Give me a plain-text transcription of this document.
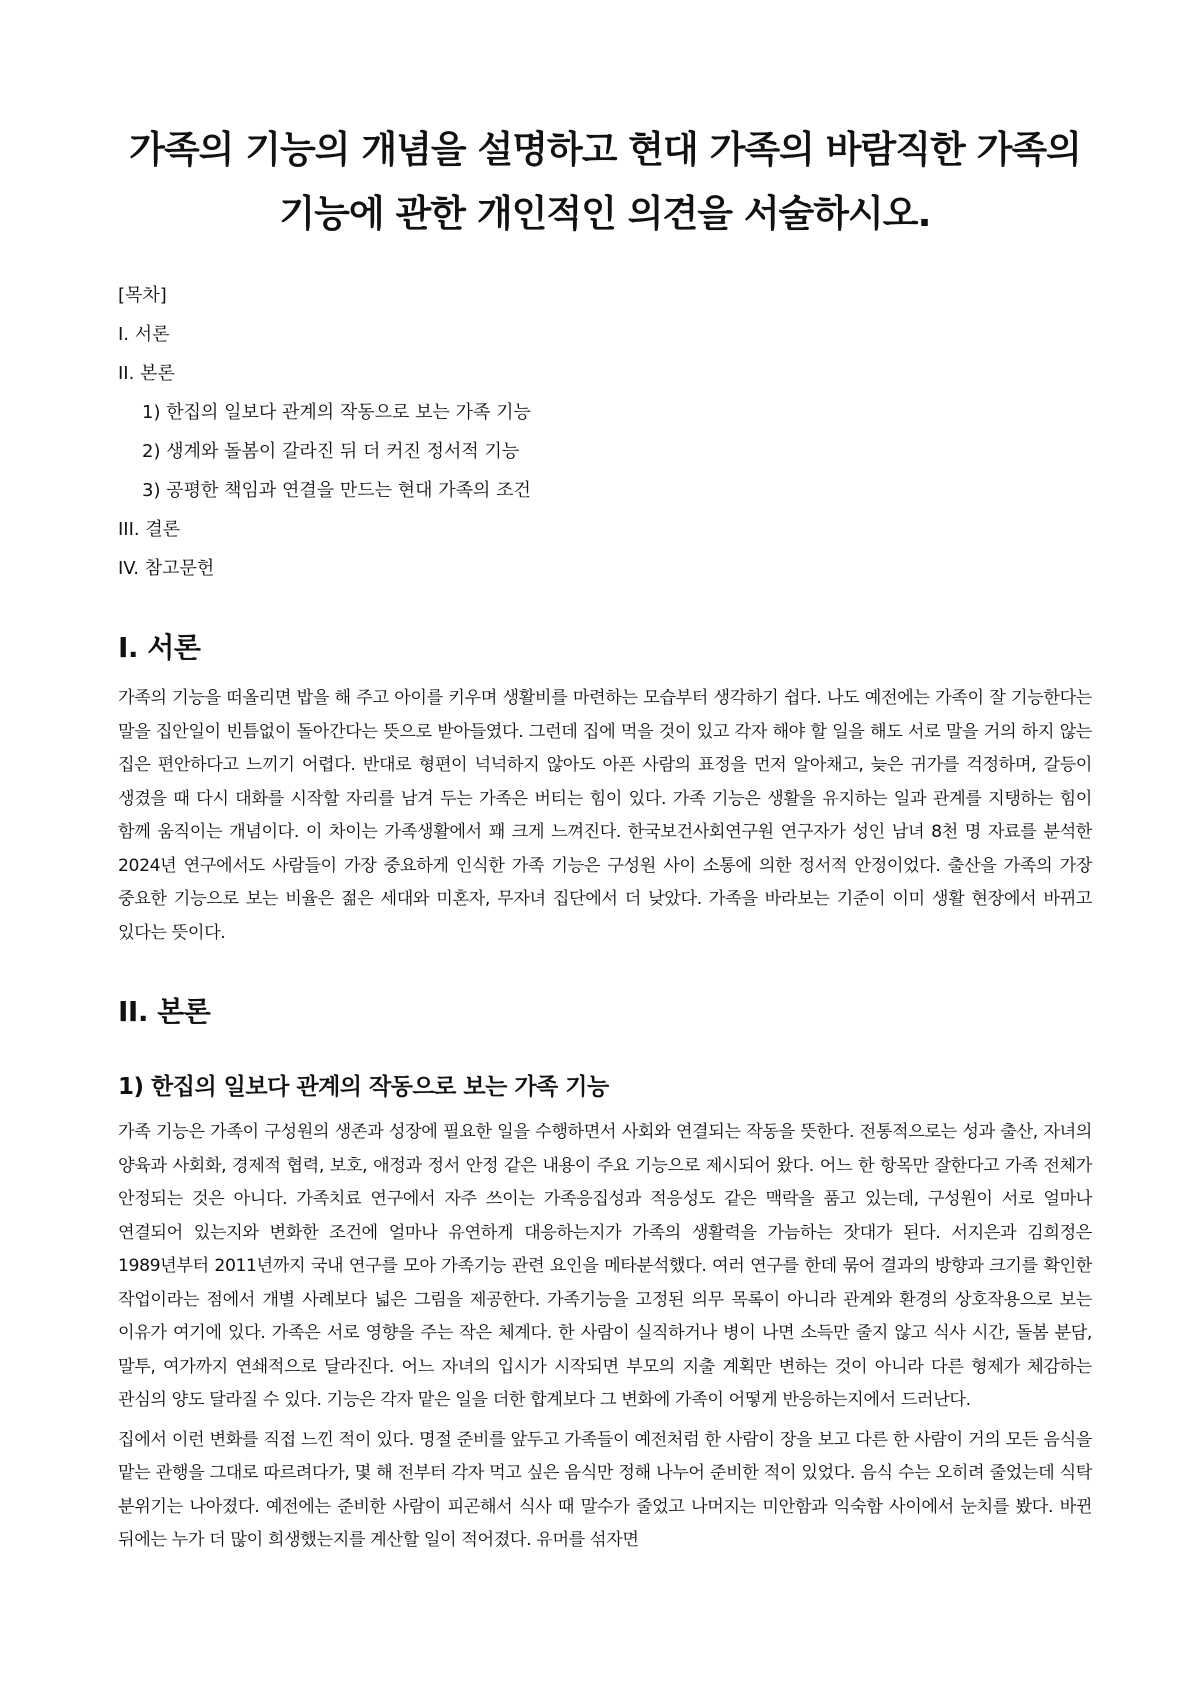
가족의 기능의 개념을 설명하고 현대 가족의 바람직한 가족의
기능에 관한 개인적인 의견을 서술하시오.
[목차]
I. 서론
II. 본론
1) 한집의 일보다 관계의 작동으로 보는 가족 기능
2) 생계와 돌봄이 갈라진 뒤 더 커진 정서적 기능
3) 공평한 책임과 연결을 만드는 현대 가족의 조건
III. 결론
IV. 참고문헌
I. 서론

가족의 기능을 떠올리면 밥을 해 주고 아이를 키우며 생활비를 마련하는 모습부터 생각하기 쉽다. 나도 예전에는 가족이 잘 기능한다는 말을 집안일이 빈틈없이 돌아간다는 뜻으로 받아들였다. 그런데 집에 먹을 것이 있고 각자 해야 할 일을 해도 서로 말을 거의 하지 않는 집은 편안하다고 느끼기 어렵다. 반대로 형편이 넉넉하지 않아도 아픈 사람의 표정을 먼저 알아채고, 늦은 귀가를 걱정하며, 갈등이 생겼을 때 다시 대화를 시작할 자리를 남겨 두는 가족은 버티는 힘이 있다. 가족 기능은 생활을 유지하는 일과 관계를 지탱하는 힘이 함께 움직이는 개념이다. 이 차이는 가족생활에서 꽤 크게 느껴진다. 한국보건사회연구원 연구자가 성인 남녀 8천 명 자료를 분석한 2024년 연구에서도 사람들이 가장 중요하게 인식한 가족 기능은 구성원 사이 소통에 의한 정서적 안정이었다. 출산을 가족의 가장 중요한 기능으로 보는 비율은 젊은 세대와 미혼자, 무자녀 집단에서 더 낮았다. 가족을 바라보는 기준이 이미 생활 현장에서 바뀌고 있다는 뜻이다.

II. 본론
1) 한집의 일보다 관계의 작동으로 보는 가족 기능

가족 기능은 가족이 구성원의 생존과 성장에 필요한 일을 수행하면서 사회와 연결되는 작동을 뜻한다. 전통적으로는 성과 출산, 자녀의 양육과 사회화, 경제적 협력, 보호, 애정과 정서 안정 같은 내용이 주요 기능으로 제시되어 왔다. 어느 한 항목만 잘한다고 가족 전체가 안정되는 것은 아니다. 가족치료 연구에서 자주 쓰이는 가족응집성과 적응성도 같은 맥락을 품고 있는데, 구성원이 서로 얼마나 연결되어 있는지와 변화한 조건에 얼마나 유연하게 대응하는지가 가족의 생활력을 가늠하는 잣대가 된다. 서지은과 김희정은 1989년부터 2011년까지 국내 연구를 모아 가족기능 관련 요인을 메타분석했다. 여러 연구를 한데 묶어 결과의 방향과 크기를 확인한 작업이라는 점에서 개별 사례보다 넓은 그림을 제공한다. 가족기능을 고정된 의무 목록이 아니라 관계와 환경의 상호작용으로 보는 이유가 여기에 있다. 가족은 서로 영향을 주는 작은 체계다. 한 사람이 실직하거나 병이 나면 소득만 줄지 않고 식사 시간, 돌봄 분담, 말투, 여가까지 연쇄적으로 달라진다. 어느 자녀의 입시가 시작되면 부모의 지출 계획만 변하는 것이 아니라 다른 형제가 체감하는 관심의 양도 달라질 수 있다. 기능은 각자 맡은 일을 더한 합계보다 그 변화에 가족이 어떻게 반응하는지에서 드러난다.

집에서 이런 변화를 직접 느낀 적이 있다. 명절 준비를 앞두고 가족들이 예전처럼 한 사람이 장을 보고 다른 한 사람이 거의 모든 음식을 맡는 관행을 그대로 따르려다가, 몇 해 전부터 각자 먹고 싶은 음식만 정해 나누어 준비한 적이 있었다. 음식 수는 오히려 줄었는데 식탁 분위기는 나아졌다. 예전에는 준비한 사람이 피곤해서 식사 때 말수가 줄었고 나머지는 미안함과 익숙함 사이에서 눈치를 봤다. 바뀐 뒤에는 누가 더 많이 희생했는지를 계산할 일이 적어졌다. 유머를 섞자면
